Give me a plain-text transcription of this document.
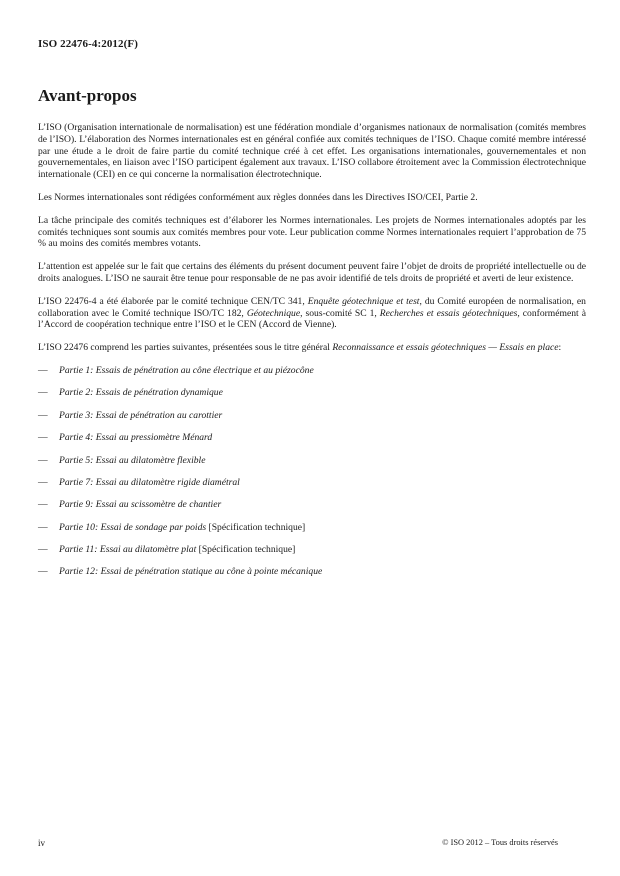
ISO 22476-4:2012(F)
Avant-propos

L’ISO (Organisation internationale de normalisation) est une fédération mondiale d’organismes nationaux de normalisation (comités membres de l’ISO). L’élaboration des Normes internationales est en général confiée aux comités techniques de l’ISO. Chaque comité membre intéressé par une étude a le droit de faire partie du comité technique créé à cet effet. Les organisations internationales, gouvernementales et non gouvernementales, en liaison avec l’ISO participent également aux travaux. L’ISO collabore étroitement avec la Commission électrotechnique internationale (CEI) en ce qui concerne la normalisation électrotechnique.

Les Normes internationales sont rédigées conformément aux règles données dans les Directives ISO/CEI, Partie 2.

La tâche principale des comités techniques est d’élaborer les Normes internationales. Les projets de Normes internationales adoptés par les comités techniques sont soumis aux comités membres pour vote. Leur publication comme Normes internationales requiert l’approbation de 75 % au moins des comités membres votants.

L’attention est appelée sur le fait que certains des éléments du présent document peuvent faire l’objet de droits de propriété intellectuelle ou de droits analogues. L’ISO ne saurait être tenue pour responsable de ne pas avoir identifié de tels droits de propriété et averti de leur existence.

L’ISO 22476-4 a été élaborée par le comité technique CEN/TC 341, Enquête géotechnique et test, du Comité européen de normalisation, en collaboration avec le Comité technique ISO/TC 182, Géotechnique, sous-comité SC 1, Recherches et essais géotechniques, conformément à l’Accord de coopération technique entre l’ISO et le CEN (Accord de Vienne).

L’ISO 22476 comprend les parties suivantes, présentées sous le titre général Reconnaissance et essais géotechniques — Essais en place:

—	Partie 1: Essais de pénétration au cône électrique et au piézocône
—	Partie 2: Essais de pénétration dynamique
—	Partie 3: Essai de pénétration au carottier
—	Partie 4: Essai au pressiomètre Ménard
—	Partie 5: Essai au dilatomètre flexible
—	Partie 7: Essai au dilatomètre rigide diamétral
—	Partie 9: Essai au scissomètre de chantier
—	Partie 10: Essai de sondage par poids [Spécification technique]
—	Partie 11: Essai au dilatomètre plat [Spécification technique]
—	Partie 12: Essai de pénétration statique au cône à pointe mécanique
iv	© ISO 2012 – Tous droits réservés
